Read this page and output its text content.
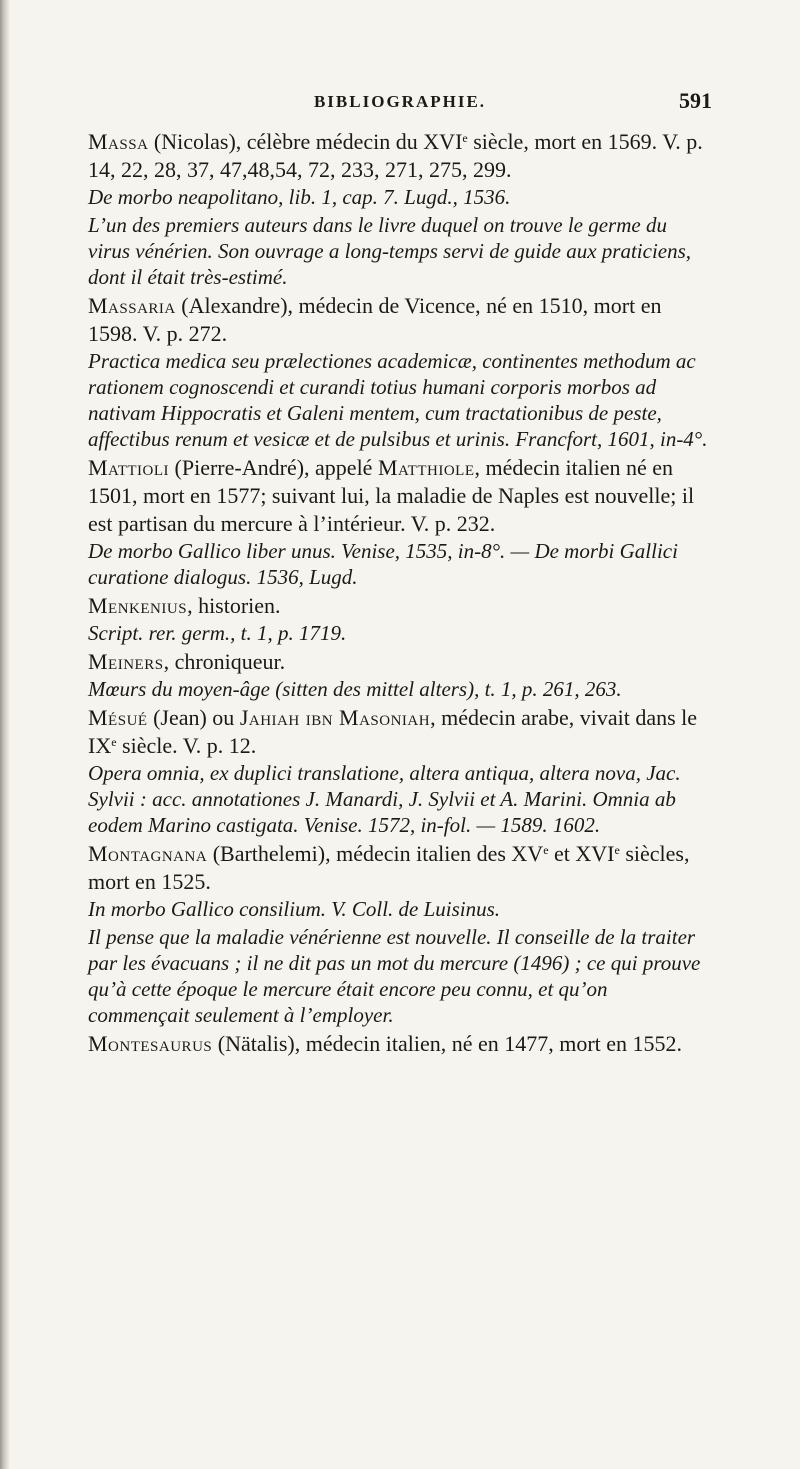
BIBLIOGRAPHIE.	591

Massa (Nicolas), célèbre médecin du XVIe siècle, mort en 1569. V. p. 14, 22, 28, 37, 47,48,54, 72, 233, 271, 275, 299.

De morbo neapolitano, lib. 1, cap. 7. Lugd., 1536.

L’un des premiers auteurs dans le livre duquel on trouve le germe du virus vénérien. Son ouvrage a long-temps servi de guide aux praticiens, dont il était très-estimé.

Massaria (Alexandre), médecin de Vicence, né en 1510, mort en 1598. V. p. 272.

Practica medica seu prælectiones academicæ, continentes methodum ac rationem cognoscendi et curandi totius humani corporis morbos ad nativam Hippocratis et Galeni mentem, cum tractationibus de peste, affectibus renum et vesicæ et de pulsibus et urinis. Francfort, 1601, in-4°.

Mattioli (Pierre-André), appelé Matthiole, médecin italien né en 1501, mort en 1577; suivant lui, la maladie de Naples est nouvelle; il est partisan du mercure à l’intérieur. V. p. 232.

De morbo Gallico liber unus. Venise, 1535, in-8°. — De morbi Gallici curatione dialogus. 1536, Lugd.

Menkenius, historien.

Script. rer. germ., t. 1, p. 1719.

Meiners, chroniqueur.

Mœurs du moyen-âge (sitten des mittel alters), t. 1, p. 261, 263.

Mésué (Jean) ou Jahiah ibn Masoniah, médecin arabe, vivait dans le IXe siècle. V. p. 12.

Opera omnia, ex duplici translatione, altera antiqua, altera nova, Jac. Sylvii : acc. annotationes J. Manardi, J. Sylvii et A. Marini. Omnia ab eodem Marino castigata. Venise. 1572, in-fol. — 1589. 1602.

Montagnana (Barthelemi), médecin italien des XVe et XVIe siècles, mort en 1525.

In morbo Gallico consilium. V. Coll. de Luisinus.

Il pense que la maladie vénérienne est nouvelle. Il conseille de la traiter par les évacuans ; il ne dit pas un mot du mercure (1496) ; ce qui prouve qu’à cette époque le mercure était encore peu connu, et qu’on commençait seulement à l’employer.

Montesaurus (Nätalis), médecin italien, né en 1477, mort en 1552.
